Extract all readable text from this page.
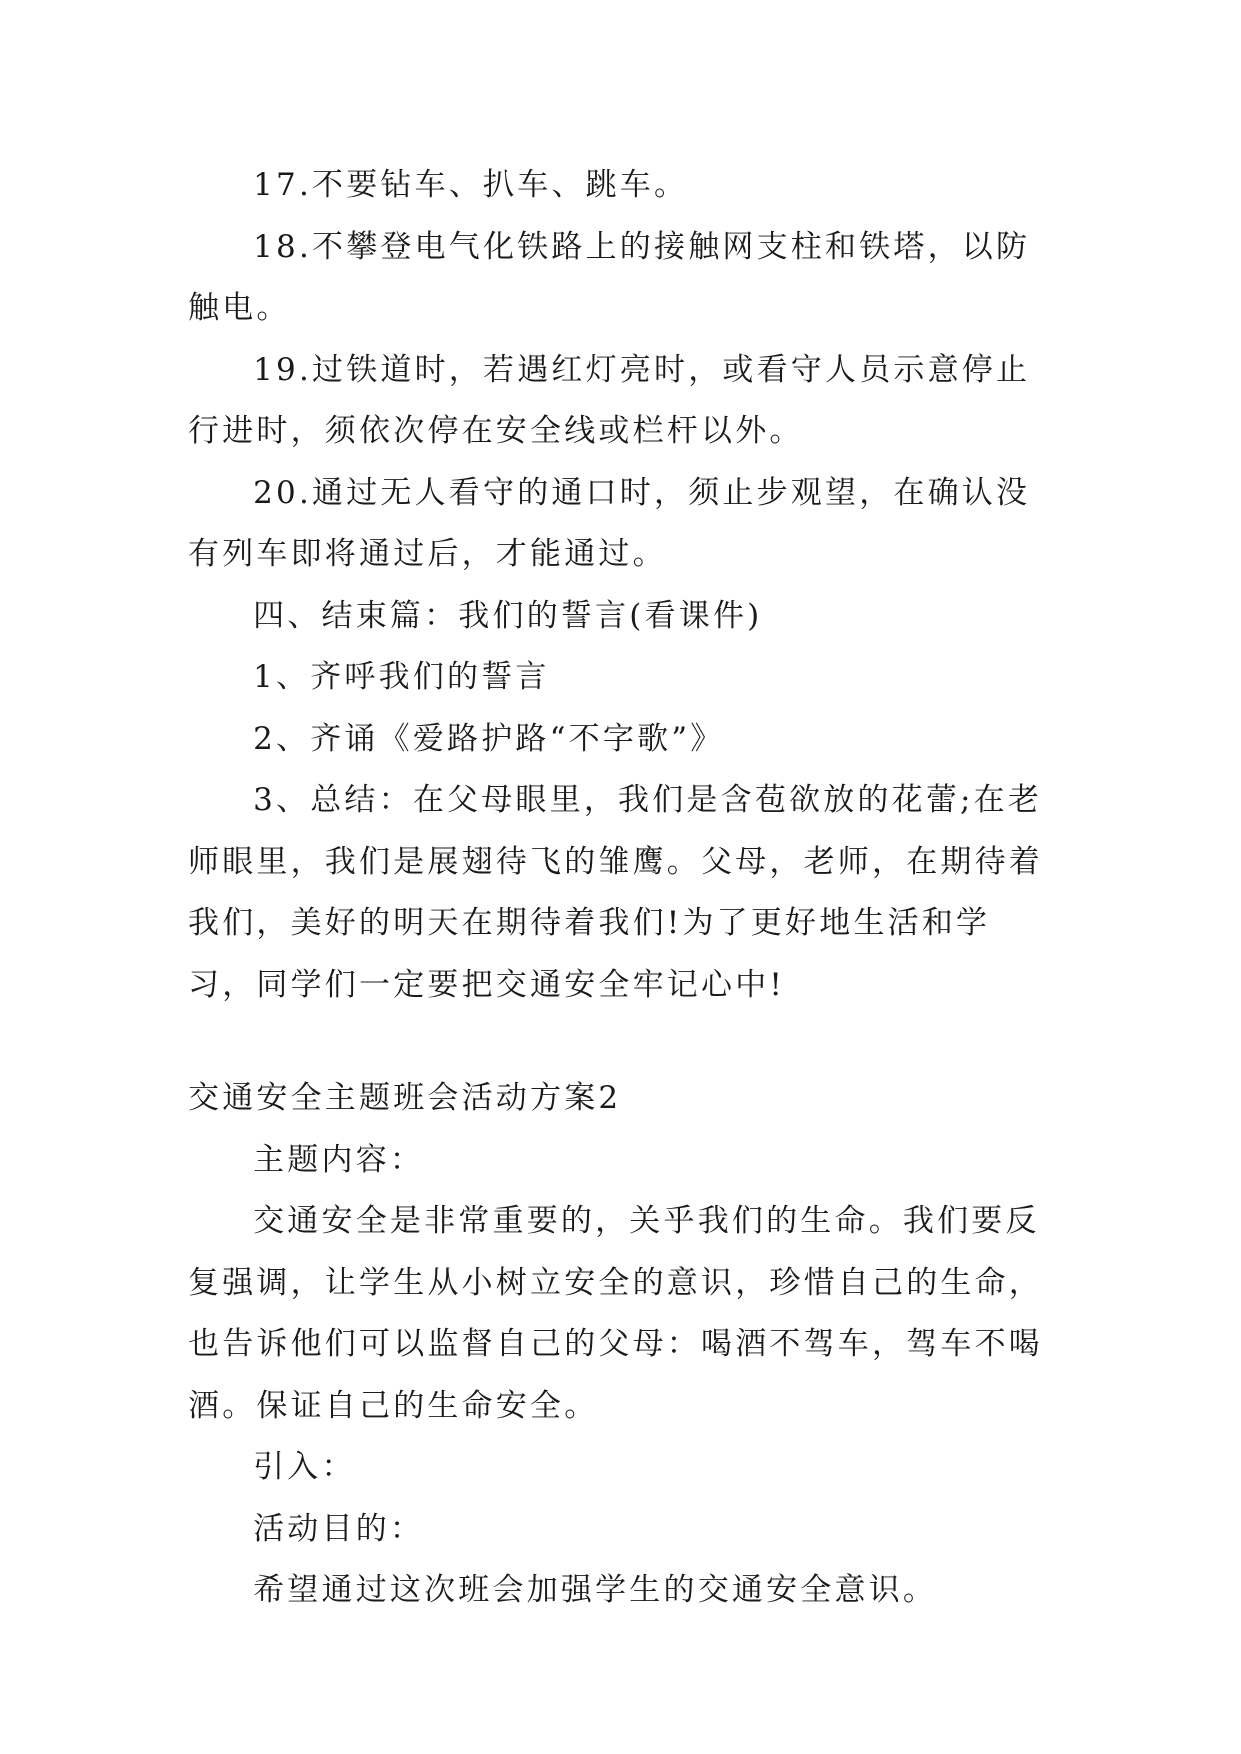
17.不要钻车、扒车、跳车。

18.不攀登电气化铁路上的接触网支柱和铁塔，以防触电。

19.过铁道时，若遇红灯亮时，或看守人员示意停止行进时，须依次停在安全线或栏杆以外。

20.通过无人看守的通口时，须止步观望，在确认没有列车即将通过后，才能通过。

四、结束篇：我们的誓言(看课件)

1、齐呼我们的誓言

2、齐诵《爱路护路“不字歌”》

3、总结：在父母眼里，我们是含苞欲放的花蕾;在老师眼里，我们是展翅待飞的雏鹰。父母，老师，在期待着我们，美好的明天在期待着我们!为了更好地生活和学习，同学们一定要把交通安全牢记心中!

交通安全主题班会活动方案2

主题内容：

交通安全是非常重要的，关乎我们的生命。我们要反复强调，让学生从小树立安全的意识，珍惜自己的生命，也告诉他们可以监督自己的父母：喝酒不驾车，驾车不喝酒。保证自己的生命安全。

引入：

活动目的：

希望通过这次班会加强学生的交通安全意识。
